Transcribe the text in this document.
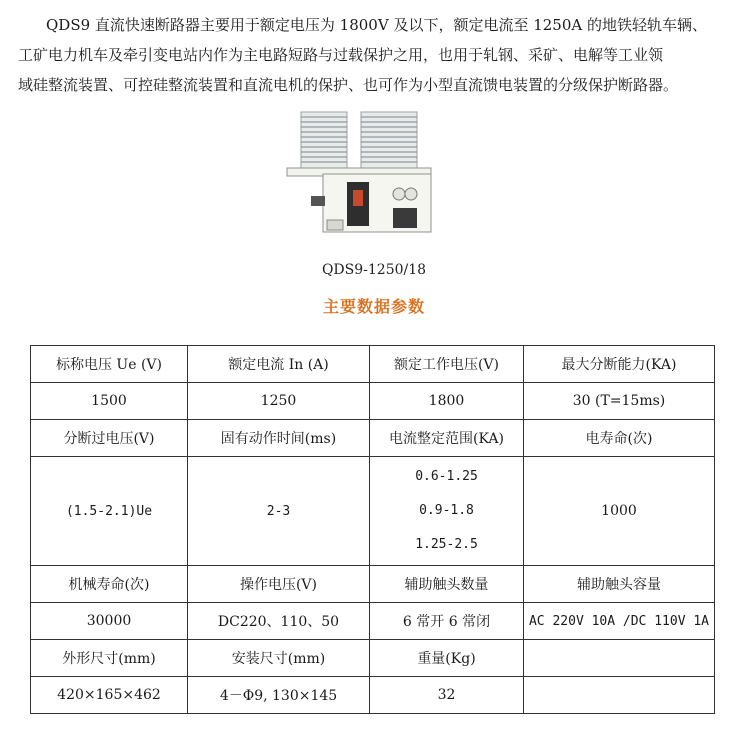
QDS9 直流快速断路器主要用于额定电压为 1800V 及以下，额定电流至 1250A 的地铁轻轨车辆、
工矿电力机车及牵引变电站内作为主电路短路与过载保护之用，也用于轧钢、采矿、电解等工业领
域硅整流装置、可控硅整流装置和直流电机的保护、也可作为小型直流馈电装置的分级保护断路器。
QDS9-1250/18
主要数据参数
标称电压 Ue (V)	额定电流 In (A)	额定工作电压(V)	最大分断能力(KA)
1500	1250	1800	30 (T=15ms)
分断过电压(V)	固有动作时间(ms)	电流整定范围(KA)	电寿命(次)
(1.5-2.1)Ue	2-3	0.6-1.25
0.9-1.8
1.25-2.5	1000
机械寿命(次)	操作电压(V)	辅助触头数量	辅助触头容量
30000	DC220、110、50	6 常开 6 常闭	AC 220V 10A /DC 110V 1A
外形尺寸(mm)	安装尺寸(mm)	重量(Kg)	
420×165×462	4－Φ9, 130×145	32	
